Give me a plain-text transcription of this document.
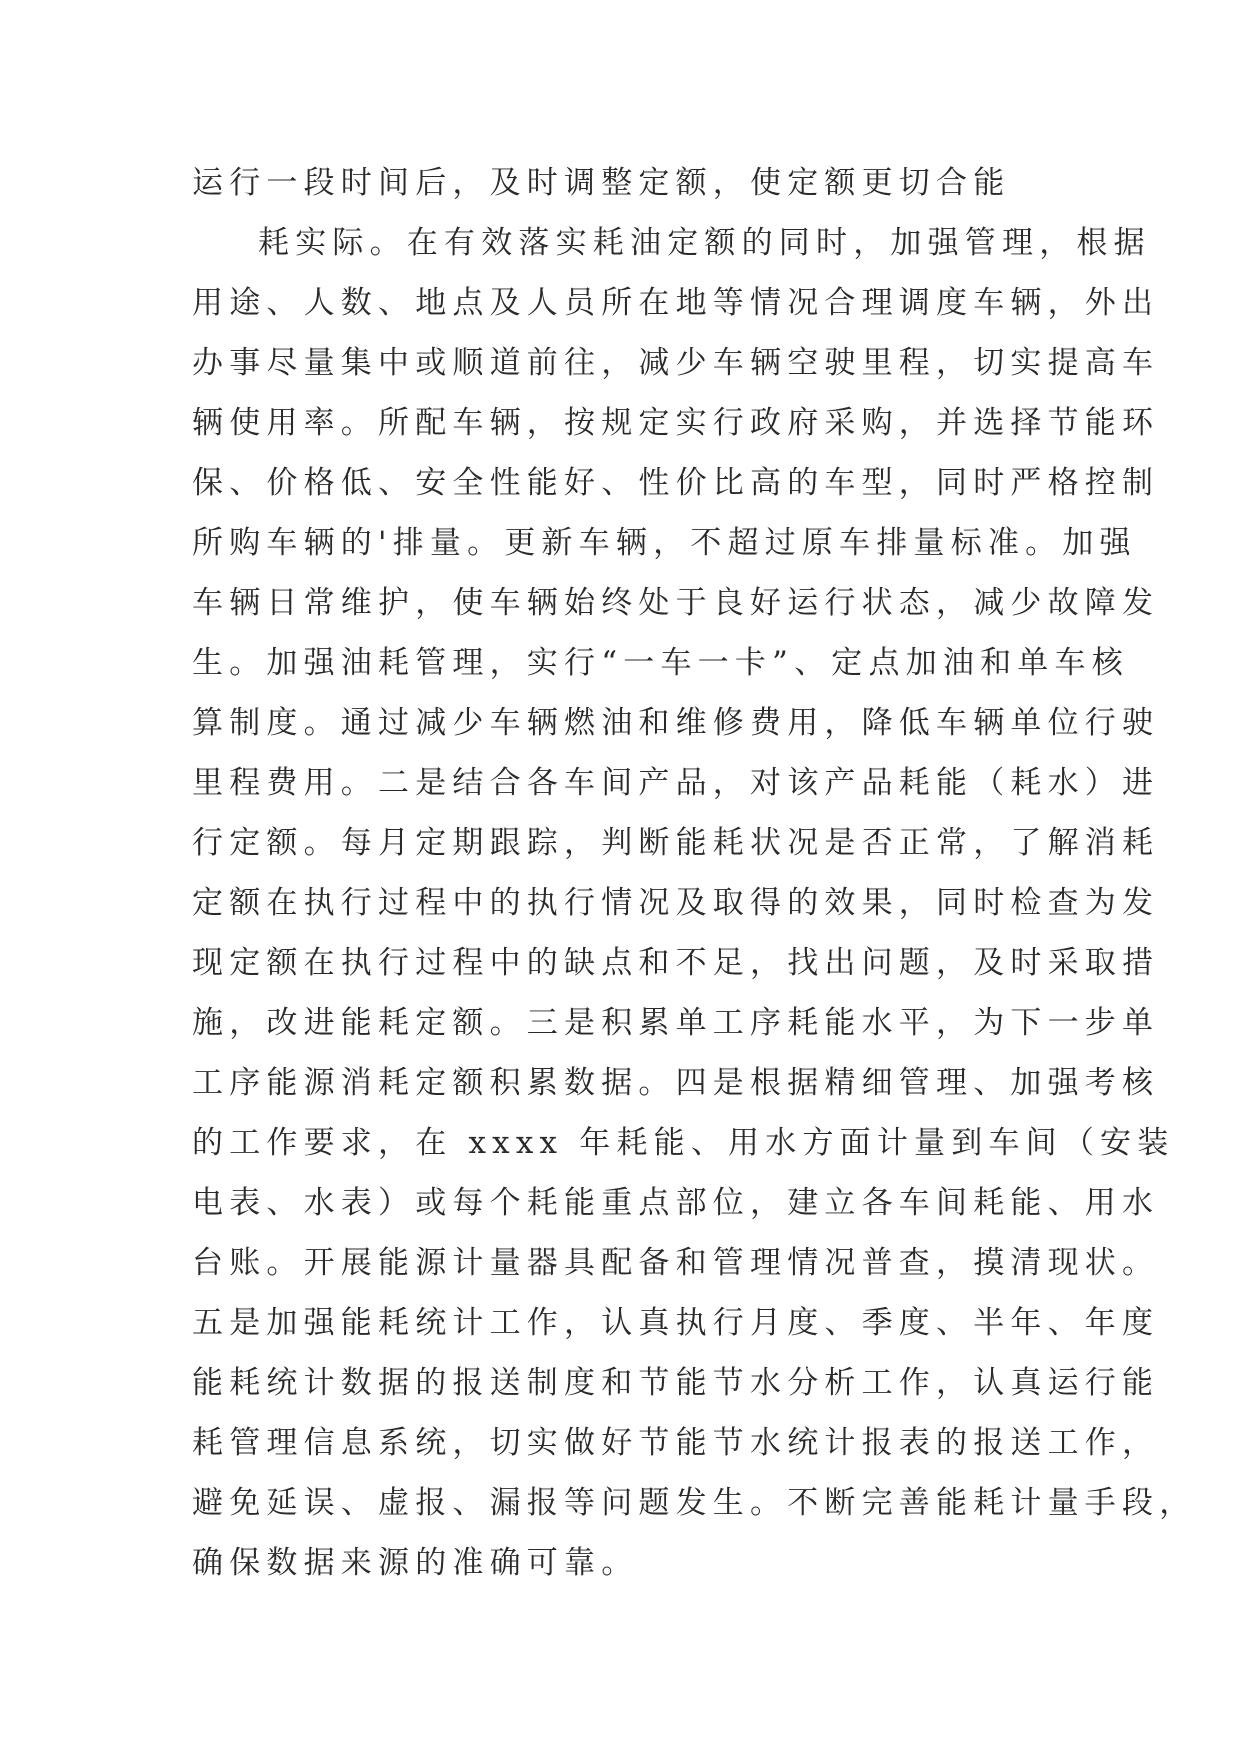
运行一段时间后，及时调整定额，使定额更切合能
耗实际。在有效落实耗油定额的同时，加强管理，根据
用途、人数、地点及人员所在地等情况合理调度车辆，外出
办事尽量集中或顺道前往，减少车辆空驶里程，切实提高车
辆使用率。所配车辆，按规定实行政府采购，并选择节能环
保、价格低、安全性能好、性价比高的车型，同时严格控制
所购车辆的'排量。更新车辆，不超过原车排量标准。加强
车辆日常维护，使车辆始终处于良好运行状态，减少故障发
生。加强油耗管理，实行“一车一卡”、定点加油和单车核
算制度。通过减少车辆燃油和维修费用，降低车辆单位行驶
里程费用。二是结合各车间产品，对该产品耗能（耗水）进
行定额。每月定期跟踪，判断能耗状况是否正常，了解消耗
定额在执行过程中的执行情况及取得的效果，同时检查为发
现定额在执行过程中的缺点和不足，找出问题，及时采取措
施，改进能耗定额。三是积累单工序耗能水平，为下一步单
工序能源消耗定额积累数据。四是根据精细管理、加强考核
的工作要求，在 xxxx 年耗能、用水方面计量到车间（安装
电表、水表）或每个耗能重点部位，建立各车间耗能、用水
台账。开展能源计量器具配备和管理情况普查，摸清现状。
五是加强能耗统计工作，认真执行月度、季度、半年、年度
能耗统计数据的报送制度和节能节水分析工作，认真运行能
耗管理信息系统，切实做好节能节水统计报表的报送工作，
避免延误、虚报、漏报等问题发生。不断完善能耗计量手段，
确保数据来源的准确可靠。
